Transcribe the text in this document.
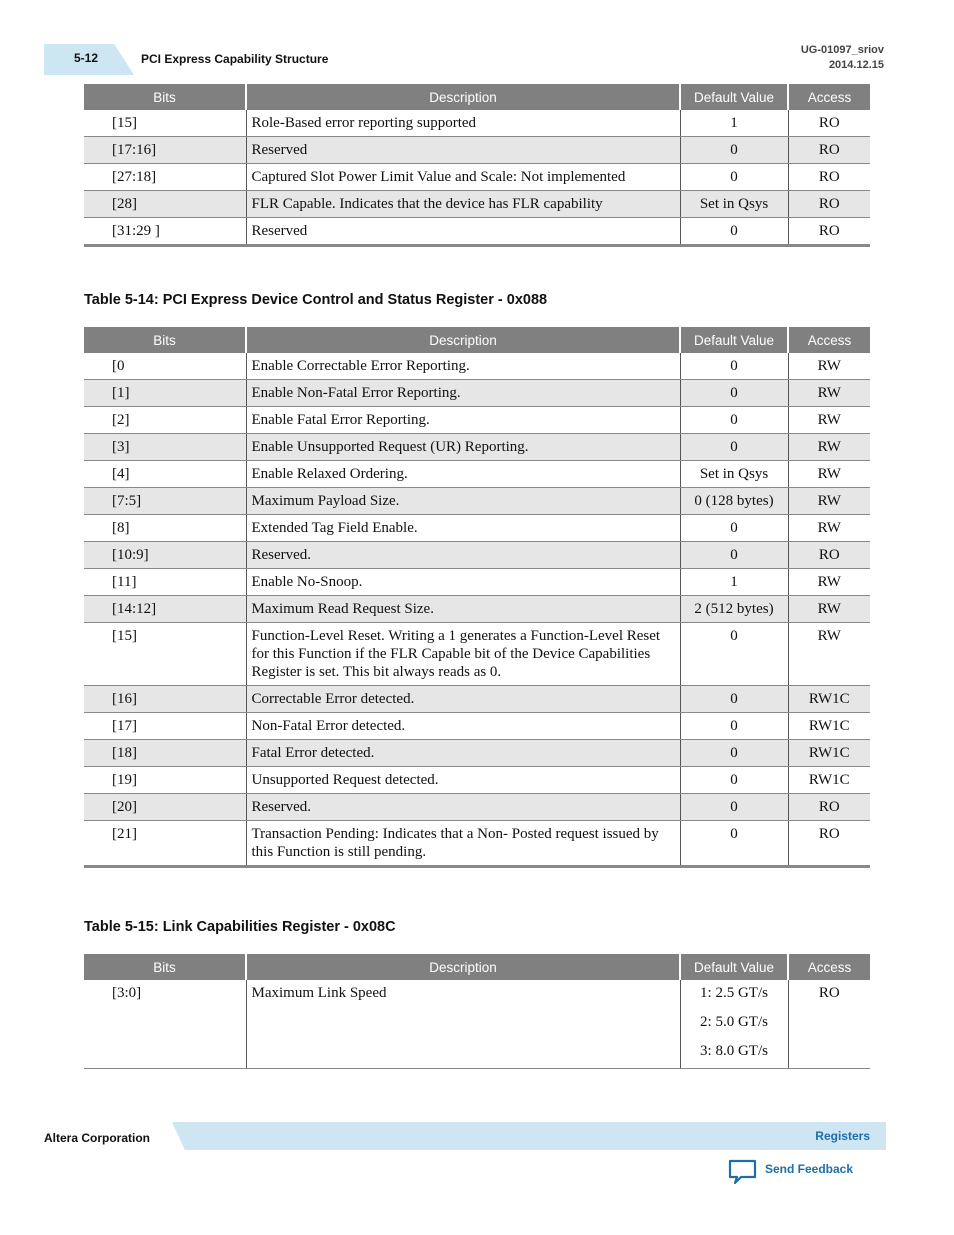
5-12	PCI Express Capability Structure
UG-01097_sriov
2014.12.15
Bits	Description	Default Value	Access
[15]	Role-Based error reporting supported	1	RO
[17:16]	Reserved	0	RO
[27:18]	Captured Slot Power Limit Value and Scale: Not implemented	0	RO
[28]	FLR Capable. Indicates that the device has FLR capability	Set in Qsys	RO
[31:29 ]	Reserved	0	RO
Table 5-14: PCI Express Device Control and Status Register - 0x088
Bits	Description	Default Value	Access
[0	Enable Correctable Error Reporting.	0	RW
[1]	Enable Non-Fatal Error Reporting.	0	RW
[2]	Enable Fatal Error Reporting.	0	RW
[3]	Enable Unsupported Request (UR) Reporting.	0	RW
[4]	Enable Relaxed Ordering.	Set in Qsys	RW
[7:5]	Maximum Payload Size.	0 (128 bytes)	RW
[8]	Extended Tag Field Enable.	0	RW
[10:9]	Reserved.	0	RO
[11]	Enable No-Snoop.	1	RW
[14:12]	Maximum Read Request Size.	2 (512 bytes)	RW
[15]	Function-Level Reset. Writing a 1 generates a Function-Level Reset for this Function if the FLR Capable bit of the Device Capabilities Register is set. This bit always reads as 0.	0	RW
[16]	Correctable Error detected.	0	RW1C
[17]	Non-Fatal Error detected.	0	RW1C
[18]	Fatal Error detected.	0	RW1C
[19]	Unsupported Request detected.	0	RW1C
[20]	Reserved.	0	RO
[21]	Transaction Pending: Indicates that a Non- Posted request issued by this Function is still pending.	0	RO
Table 5-15: Link Capabilities Register - 0x08C
Bits	Description	Default Value	Access
[3:0]	Maximum Link Speed	1: 2.5 GT/s
2: 5.0 GT/s
3: 8.0 GT/s	RO
Altera Corporation	Registers
Send Feedback
